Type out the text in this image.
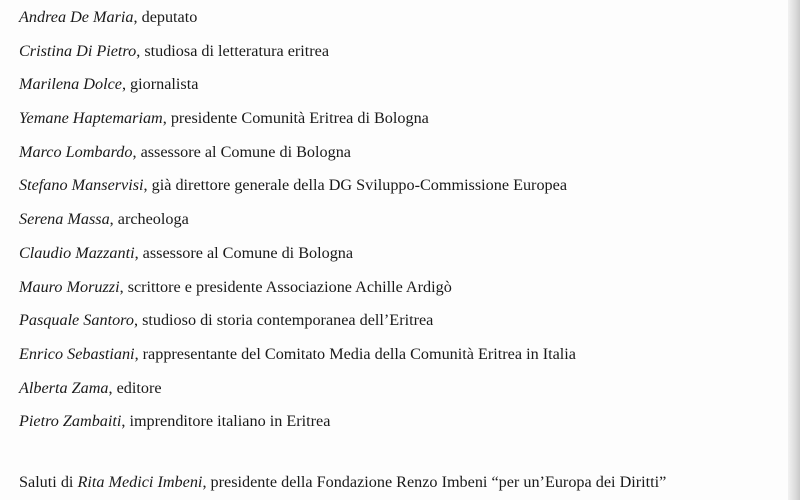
Andrea De Maria, deputato
Cristina Di Pietro, studiosa di letteratura eritrea
Marilena Dolce, giornalista
Yemane Haptemariam, presidente Comunità Eritrea di Bologna
Marco Lombardo, assessore al Comune di Bologna
Stefano Manservisi, già direttore generale della DG Sviluppo-Commissione Europea
Serena Massa, archeologa
Claudio Mazzanti, assessore al Comune di Bologna
Mauro Moruzzi, scrittore e presidente Associazione Achille Ardigò
Pasquale Santoro, studioso di storia contemporanea dell’Eritrea
Enrico Sebastiani, rappresentante del Comitato Media della Comunità Eritrea in Italia
Alberta Zama, editore
Pietro Zambaiti, imprenditore italiano in Eritrea

Saluti di Rita Medici Imbeni, presidente della Fondazione Renzo Imbeni “per un’Europa dei Diritti”
